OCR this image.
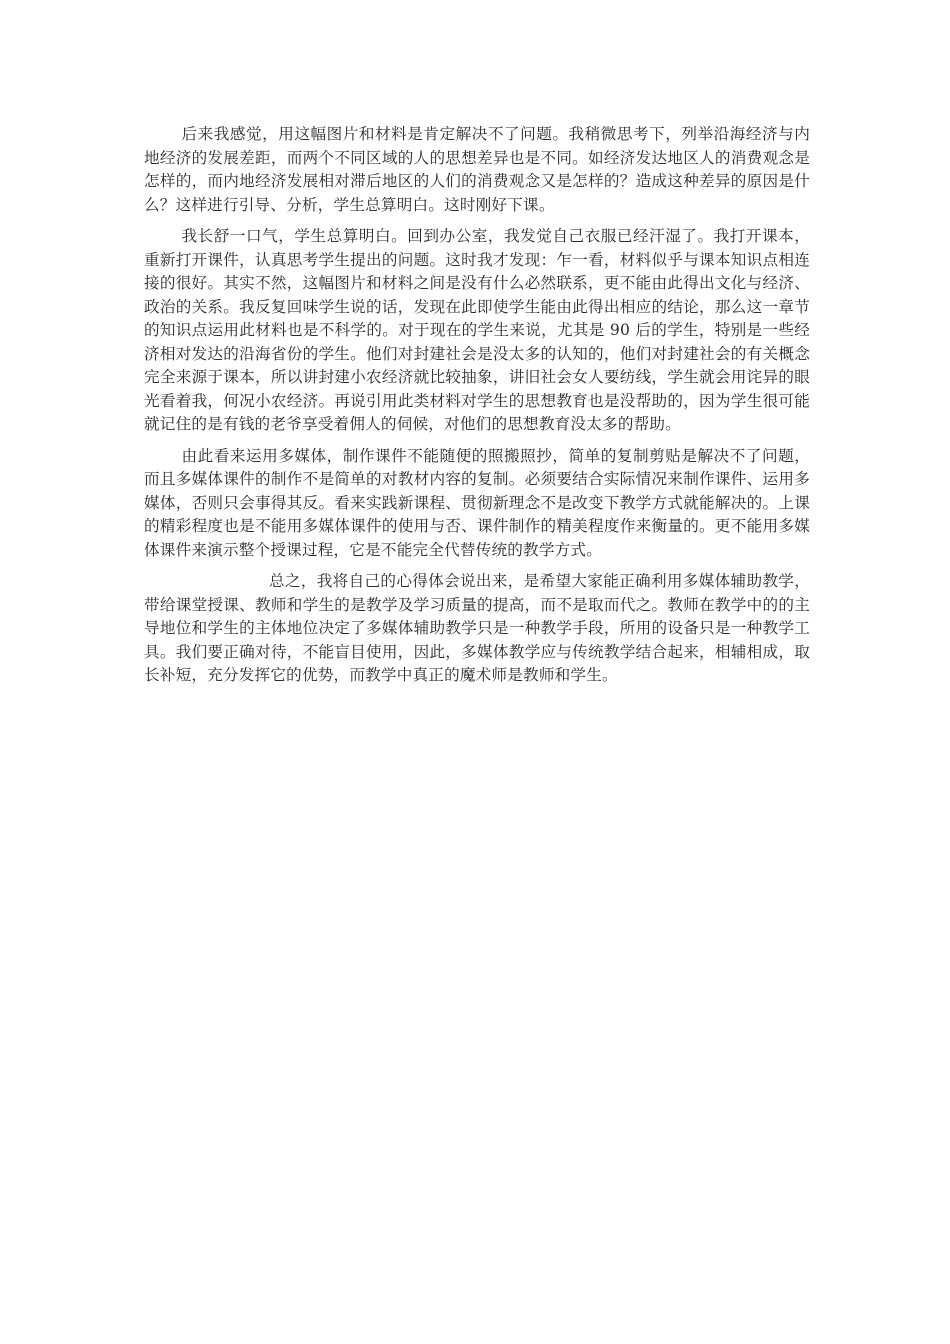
后来我感觉，用这幅图片和材料是肯定解决不了问题。我稍微思考下，列举沿海经济与内地经济的发展差距，而两个不同区域的人的思想差异也是不同。如经济发达地区人的消费观念是怎样的，而内地经济发展相对滞后地区的人们的消费观念又是怎样的？造成这种差异的原因是什么？这样进行引导、分析，学生总算明白。这时刚好下课。

我长舒一口气，学生总算明白。回到办公室，我发觉自己衣服已经汗湿了。我打开课本，重新打开课件，认真思考学生提出的问题。这时我才发现：乍一看，材料似乎与课本知识点相连接的很好。其实不然，这幅图片和材料之间是没有什么必然联系，更不能由此得出文化与经济、政治的关系。我反复回味学生说的话，发现在此即使学生能由此得出相应的结论，那么这一章节的知识点运用此材料也是不科学的。对于现在的学生来说，尤其是 90 后的学生，特别是一些经济相对发达的沿海省份的学生。他们对封建社会是没太多的认知的，他们对封建社会的有关概念完全来源于课本，所以讲封建小农经济就比较抽象，讲旧社会女人要纺线，学生就会用诧异的眼光看着我，何况小农经济。再说引用此类材料对学生的思想教育也是没帮助的，因为学生很可能就记住的是有钱的老爷享受着佣人的伺候，对他们的思想教育没太多的帮助。

由此看来运用多媒体，制作课件不能随便的照搬照抄，简单的复制剪贴是解决不了问题，而且多媒体课件的制作不是简单的对教材内容的复制。必须要结合实际情况来制作课件、运用多媒体，否则只会事得其反。看来实践新课程、贯彻新理念不是改变下教学方式就能解决的。上课的精彩程度也是不能用多媒体课件的使用与否、课件制作的精美程度作来衡量的。更不能用多媒体课件来演示整个授课过程，它是不能完全代替传统的教学方式。

总之，我将自己的心得体会说出来，是希望大家能正确利用多媒体辅助教学，带给课堂授课、教师和学生的是教学及学习质量的提高，而不是取而代之。教师在教学中的的主导地位和学生的主体地位决定了多媒体辅助教学只是一种教学手段，所用的设备只是一种教学工具。我们要正确对待，不能盲目使用，因此，多媒体教学应与传统教学结合起来，相辅相成，取长补短，充分发挥它的优势，而教学中真正的魔术师是教师和学生。
